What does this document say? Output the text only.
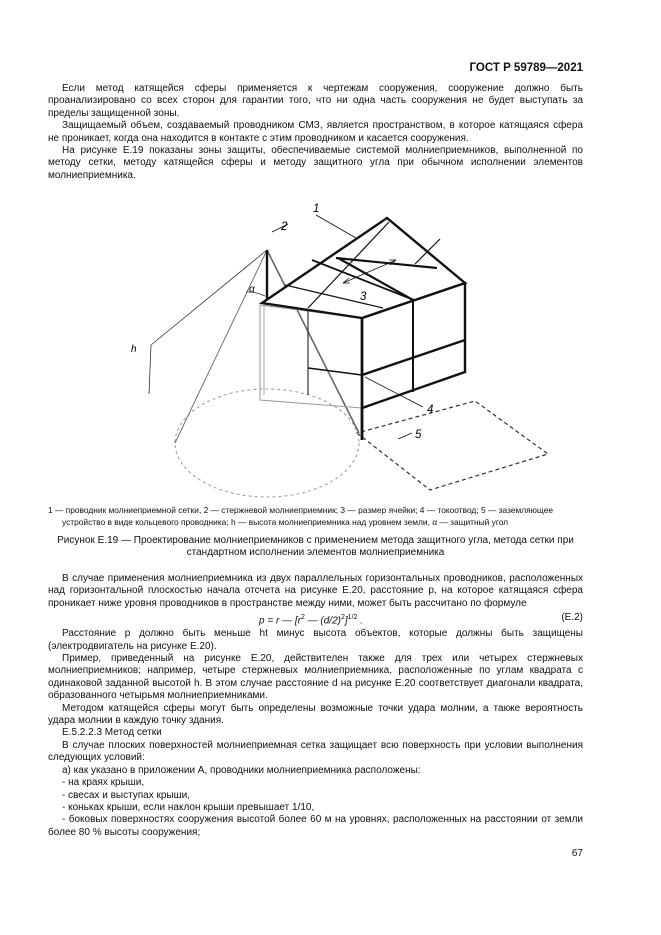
ГОСТ Р 59789—2021

Если метод катящейся сферы применяется к чертежам сооружения, сооружение должно быть проанализировано со всех сторон для гарантии того, что ни одна часть сооружения не будет выступать за пределы защищенной зоны.

Защищаемый объем, создаваемый проводником СМЗ, является пространством, в которое катящаяся сфера не проникает, когда она находится в контакте с этим проводником и касается сооружения.

На рисунке Е.19 показаны зоны защиты, обеспечиваемые системой молниеприемников, выполненной по методу сетки, методу катящейся сферы и методу защитного угла при обычном исполнении элементов молниеприемника.

h
α
1
2
3
4
5
1 — проводник молниеприемной сетки, 2 — стержневой молниеприемник; 3 — размер ячейки; 4 — токоотвод; 5 — заземляющее
устройство в виде кольцевого проводника; h — высота молниеприемника над уровнем земли, α — защитный угол
Рисунок Е.19 — Проектирование молниеприемников с применением метода защитного угла, метода сетки при
стандартном исполнении элементов молниеприемника

В случае применения молниеприемника из двух параллельных горизонтальных проводников, расположенных над горизонтальной плоскостью начала отсчета на рисунке Е.20, расстояние p, на которое катящаяся сфера проникает ниже уровня проводников в пространстве между ними, может быть рассчитано по формуле

p = r — [$r^2$ — $(d/2)^2]^{1/2}$ .	(Е.2)

Расстояние p должно быть меньше ht минус высота объектов, которые должны быть защищены (электродвигатель на рисунке Е.20).

Пример, приведенный на рисунке Е.20, действителен также для трех или четырех стержневых молниеприемников; например, четыре стержневых молниеприемника, расположенные по углам квадрата с одинаковой заданной высотой h. В этом случае расстояние d на рисунке Е.20 соответствует диагонали квадрата, образованного четырьмя молниеприемниками.

Методом катящейся сферы могут быть определены возможные точки удара молнии, а также вероятность удара молнии в каждую точку здания.

Е.5.2.2.3 Метод сетки

В случае плоских поверхностей молниеприемная сетка защищает всю поверхность при условии выполнения следующих условий:

а) как указано в приложении А, проводники молниеприемника расположены:

- на краях крыши,

- свесах и выступах крыши,

- коньках крыши, если наклон крыши превышает 1/10,

- боковых поверхностях сооружения высотой более 60 м на уровнях, расположенных на расстоянии от земли более 80 % высоты сооружения;

67
